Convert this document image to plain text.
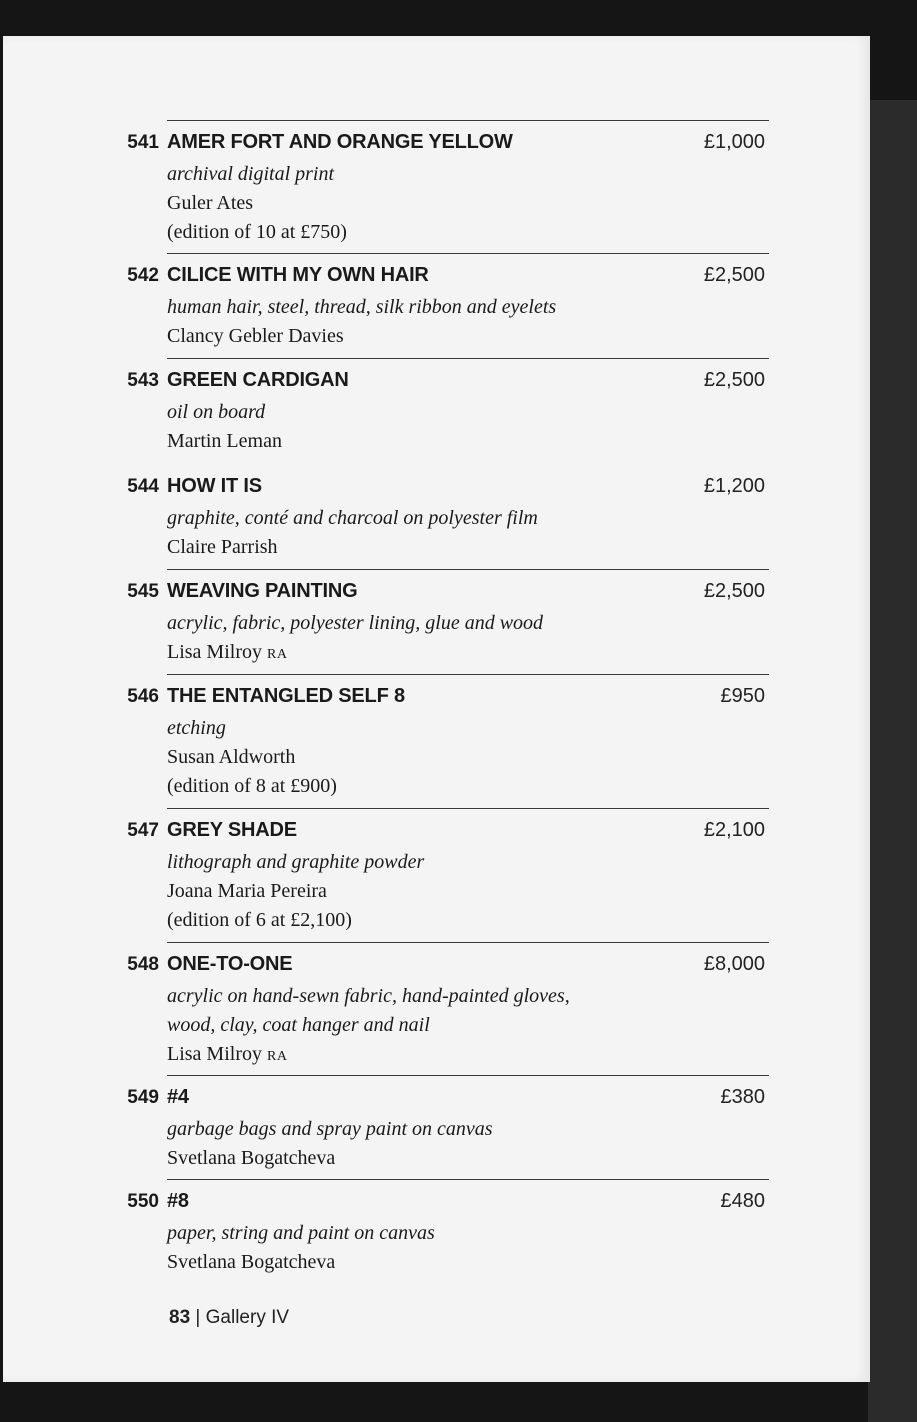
541 AMER FORT AND ORANGE YELLOW	£1,000
archival digital print
Guler Ates
(edition of 10 at £750)
542 CILICE WITH MY OWN HAIR	£2,500
human hair, steel, thread, silk ribbon and eyelets
Clancy Gebler Davies
543 GREEN CARDIGAN	£2,500
oil on board
Martin Leman
544 HOW IT IS	£1,200
graphite, conté and charcoal on polyester film
Claire Parrish
545 WEAVING PAINTING	£2,500
acrylic, fabric, polyester lining, glue and wood
Lisa Milroy RA
546 THE ENTANGLED SELF 8	£950
etching
Susan Aldworth
(edition of 8 at £900)
547 GREY SHADE	£2,100
lithograph and graphite powder
Joana Maria Pereira
(edition of 6 at £2,100)
548 ONE-TO-ONE	£8,000
acrylic on hand-sewn fabric, hand-painted gloves,
wood, clay, coat hanger and nail
Lisa Milroy RA
549 #4	£380
garbage bags and spray paint on canvas
Svetlana Bogatcheva
550 #8	£480
paper, string and paint on canvas
Svetlana Bogatcheva
83 | Gallery IV
